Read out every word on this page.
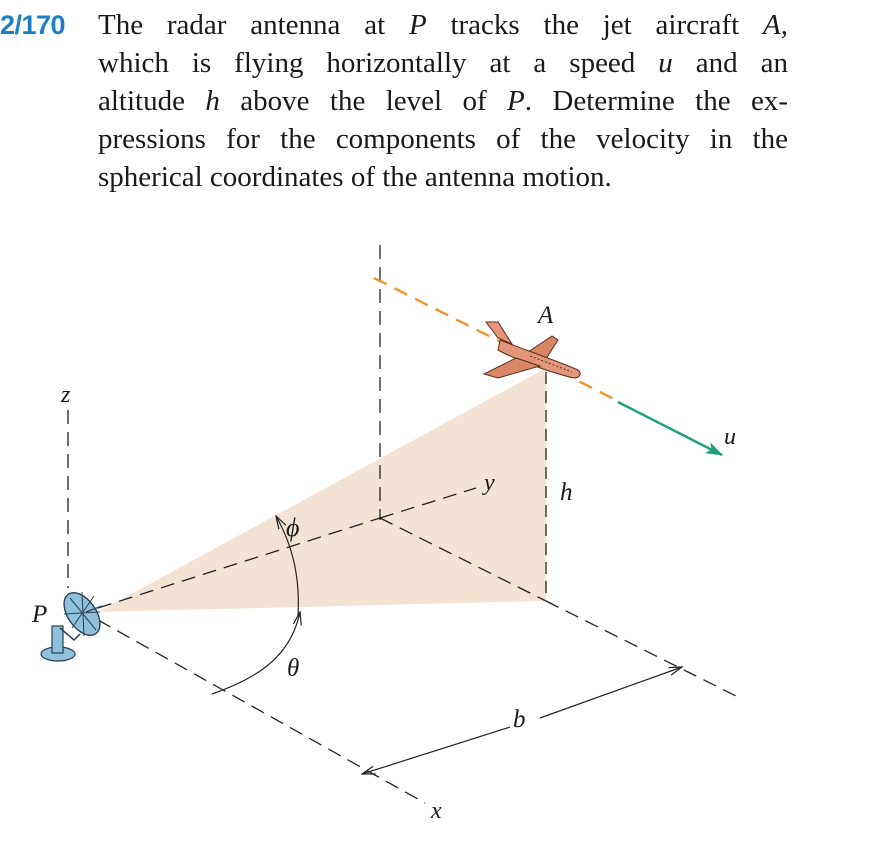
2/170 The radar antenna at P tracks the jet aircraft A,
which is flying horizontally at a speed u and an
altitude h above the level of P. Determine the ex-
pressions for the components of the velocity in the
spherical coordinates of the antenna motion.
A
P
z
y
x
h
u
b
ϕ
θ
